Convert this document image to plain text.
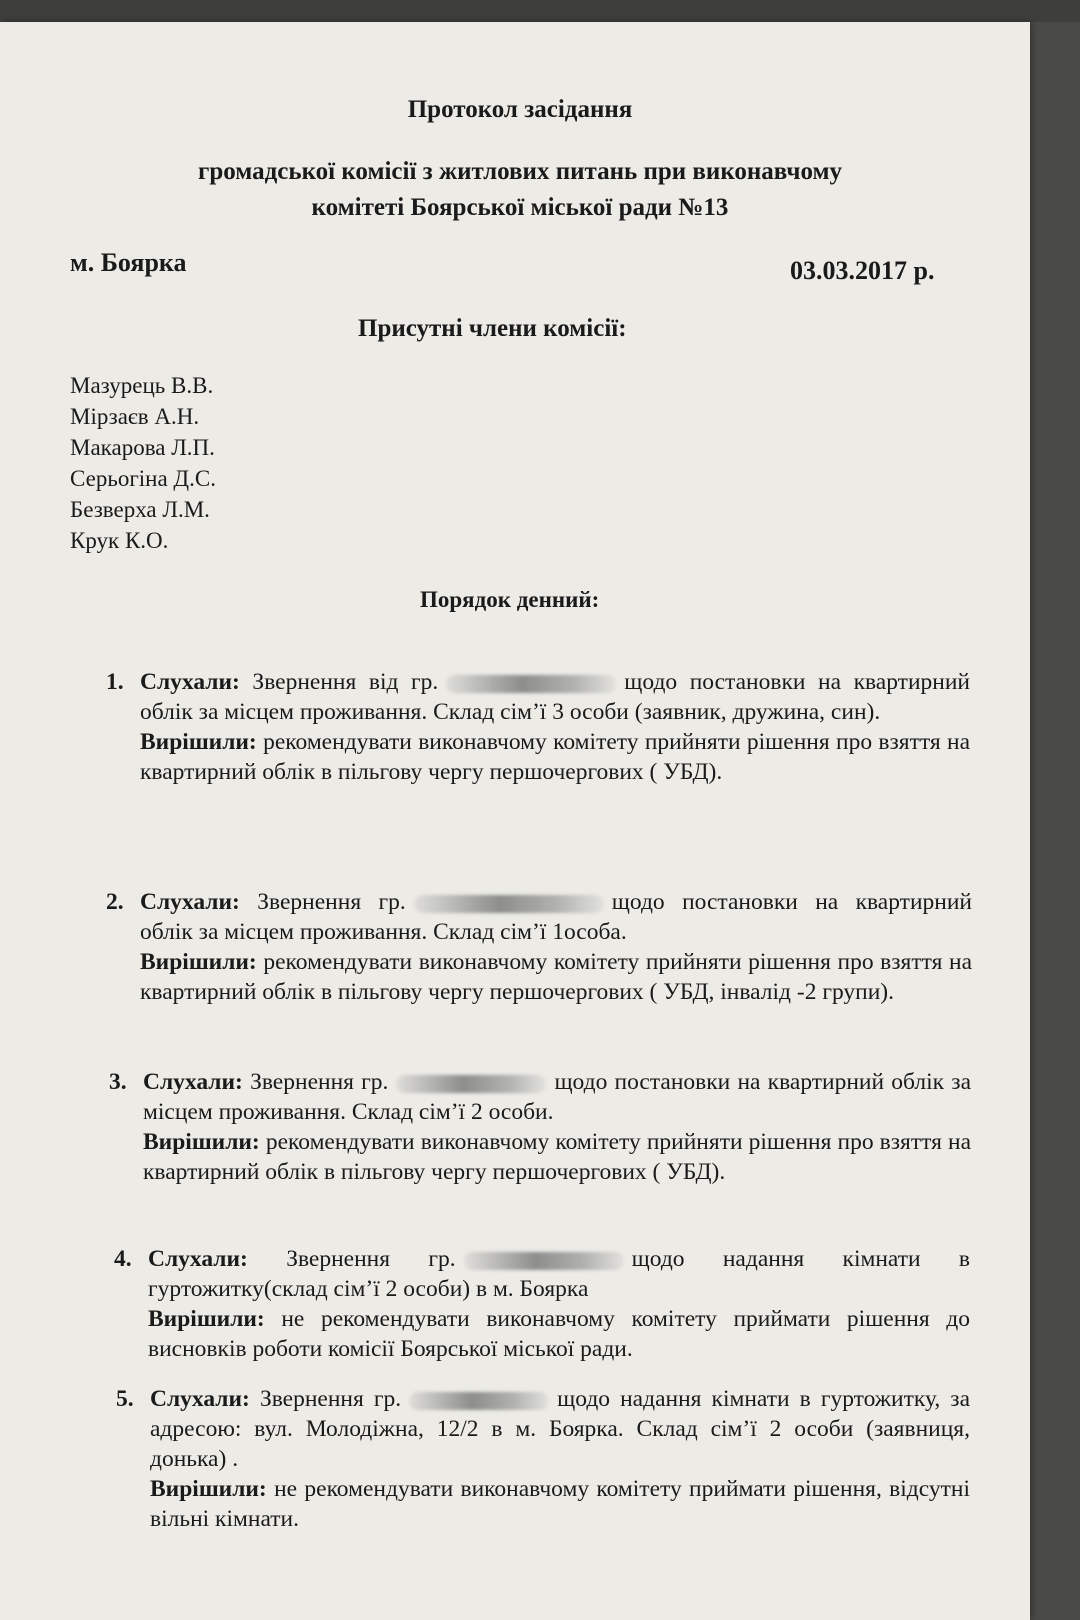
Протокол засідання

громадської комісії з житлових питань при виконавчому

комітеті Боярської міської ради №13

м. Боярка	03.03.2017 р.
Присутні члени комісії:
Мазурець В.В.
Мірзаєв А.Н.
Макарова Л.П.
Серьогіна Д.С.
Безверха Л.М.
Крук К.О.
Порядок денний:
1. Слухали: Звернення від гр.	щодо постановки на квартирний облік за місцем проживання. Склад сім’ї 3 особи (заявник, дружина, син).
Вирішили: рекомендувати виконавчому комітету прийняти рішення про взяття на квартирний облік в пільгову чергу першочергових ( УБД).
2. Слухали: Звернення гр.	щодо постановки на квартирний облік за місцем проживання. Склад сім’ї 1особа.
Вирішили: рекомендувати виконавчому комітету прийняти рішення про взяття на квартирний облік в пільгову чергу першочергових ( УБД, інвалід -2 групи).
3. Слухали: Звернення гр.	щодо постановки на квартирний облік за місцем проживання. Склад сім’ї 2 особи.
Вирішили: рекомендувати виконавчому комітету прийняти рішення про взяття на квартирний облік в пільгову чергу першочергових ( УБД).
4. Слухали: Звернення гр.	щодо надання кімнати в гуртожитку(склад сім’ї 2 особи) в м. Боярка
Вирішили: не рекомендувати виконавчому комітету приймати рішення до висновків роботи комісії Боярської міської ради.
5. Слухали: Звернення гр.	щодо надання кімнати в гуртожитку, за адресою: вул. Молодіжна, 12/2 в м. Боярка. Склад сім’ї 2 особи (заявниця, донька) .
Вирішили: не рекомендувати виконавчому комітету приймати рішення, відсутні вільні кімнати.
